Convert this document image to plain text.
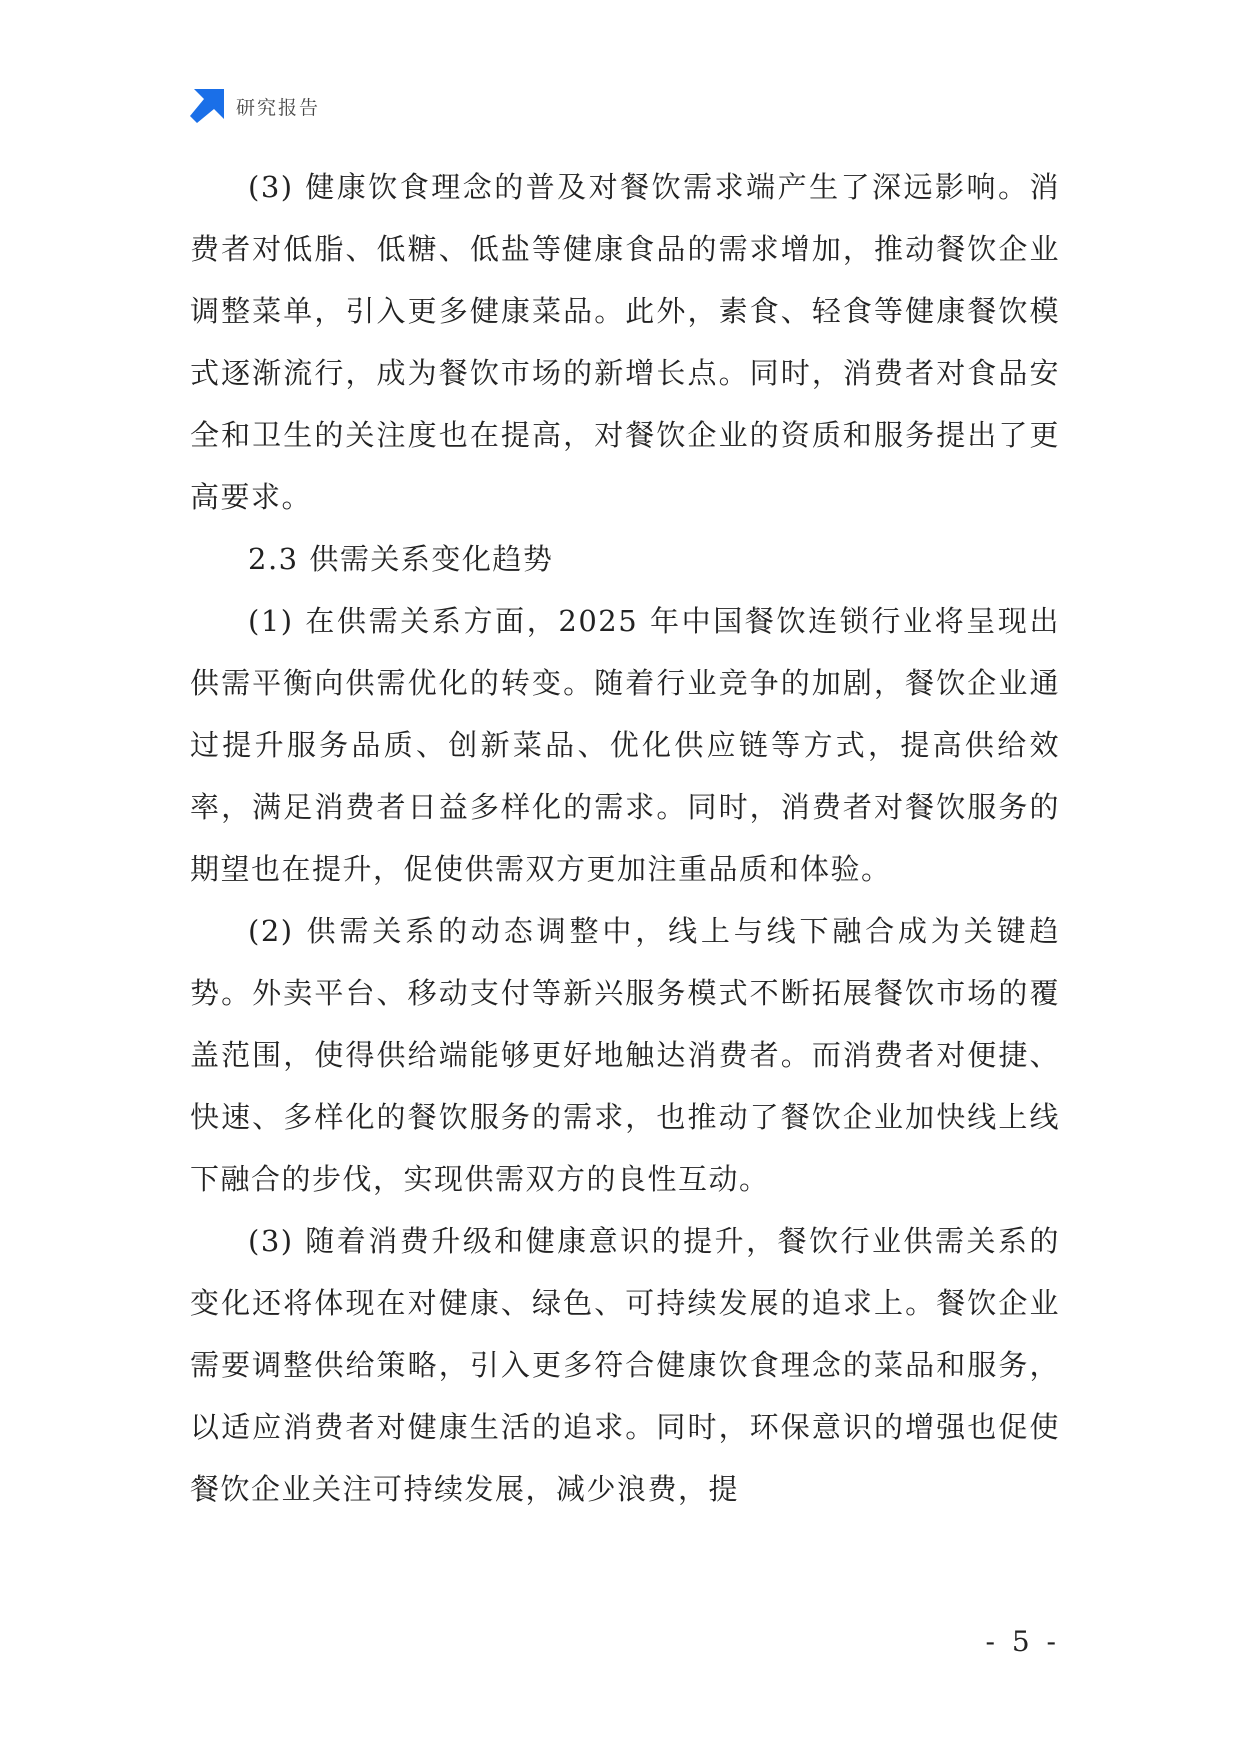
研究报告

(3) 健康饮食理念的普及对餐饮需求端产生了深远影响。消费者对低脂、低糖、低盐等健康食品的需求增加，推动餐饮企业调整菜单，引入更多健康菜品。此外，素食、轻食等健康餐饮模式逐渐流行，成为餐饮市场的新增长点。同时，消费者对食品安全和卫生的关注度也在提高，对餐饮企业的资质和服务提出了更高要求。

2.3 供需关系变化趋势

(1) 在供需关系方面，2025 年中国餐饮连锁行业将呈现出供需平衡向供需优化的转变。随着行业竞争的加剧，餐饮企业通过提升服务品质、创新菜品、优化供应链等方式，提高供给效率，满足消费者日益多样化的需求。同时，消费者对餐饮服务的期望也在提升，促使供需双方更加注重品质和体验。

(2) 供需关系的动态调整中，线上与线下融合成为关键趋势。外卖平台、移动支付等新兴服务模式不断拓展餐饮市场的覆盖范围，使得供给端能够更好地触达消费者。而消费者对便捷、快速、多样化的餐饮服务的需求，也推动了餐饮企业加快线上线下融合的步伐，实现供需双方的良性互动。

(3) 随着消费升级和健康意识的提升，餐饮行业供需关系的变化还将体现在对健康、绿色、可持续发展的追求上。餐饮企业需要调整供给策略，引入更多符合健康饮食理念的菜品和服务，以适应消费者对健康生活的追求。同时，环保意识的增强也促使餐饮企业关注可持续发展，减少浪费，提

- 5 -
